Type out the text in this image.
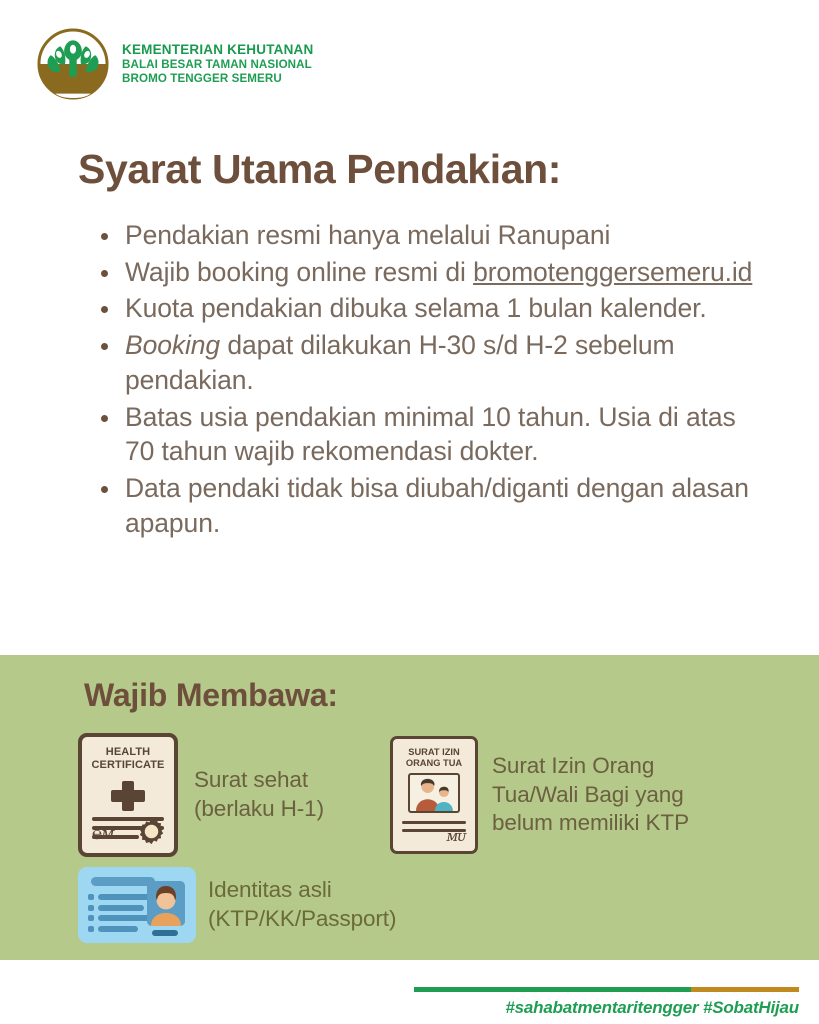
KEMENTERIAN KEHUTANAN
BALAI BESAR TAMAN NASIONAL
BROMO TENGGER SEMERU
Syarat Utama Pendakian:
Pendakian resmi hanya melalui Ranupani
Wajib booking online resmi di bromotenggersemeru.id
Kuota pendakian dibuka selama 1 bulan kalender.
Booking dapat dilakukan H-30 s/d H-2 sebelum pendakian.
Batas usia pendakian minimal 10 tahun. Usia di atas 70 tahun wajib rekomendasi dokter.
Data pendaki tidak bisa diubah/diganti dengan alasan apapun.
Wajib Membawa:
HEALTH
CERTIFICATE
℮ᴍ
Surat sehat
(berlaku H-1)
SURAT IZIN
ORANG TUA
ᴍᴜ
Surat Izin Orang
Tua/Wali Bagi yang
belum memiliki KTP
Identitas asli
(KTP/KK/Passport)
#sahabatmentaritengger #SobatHijau
